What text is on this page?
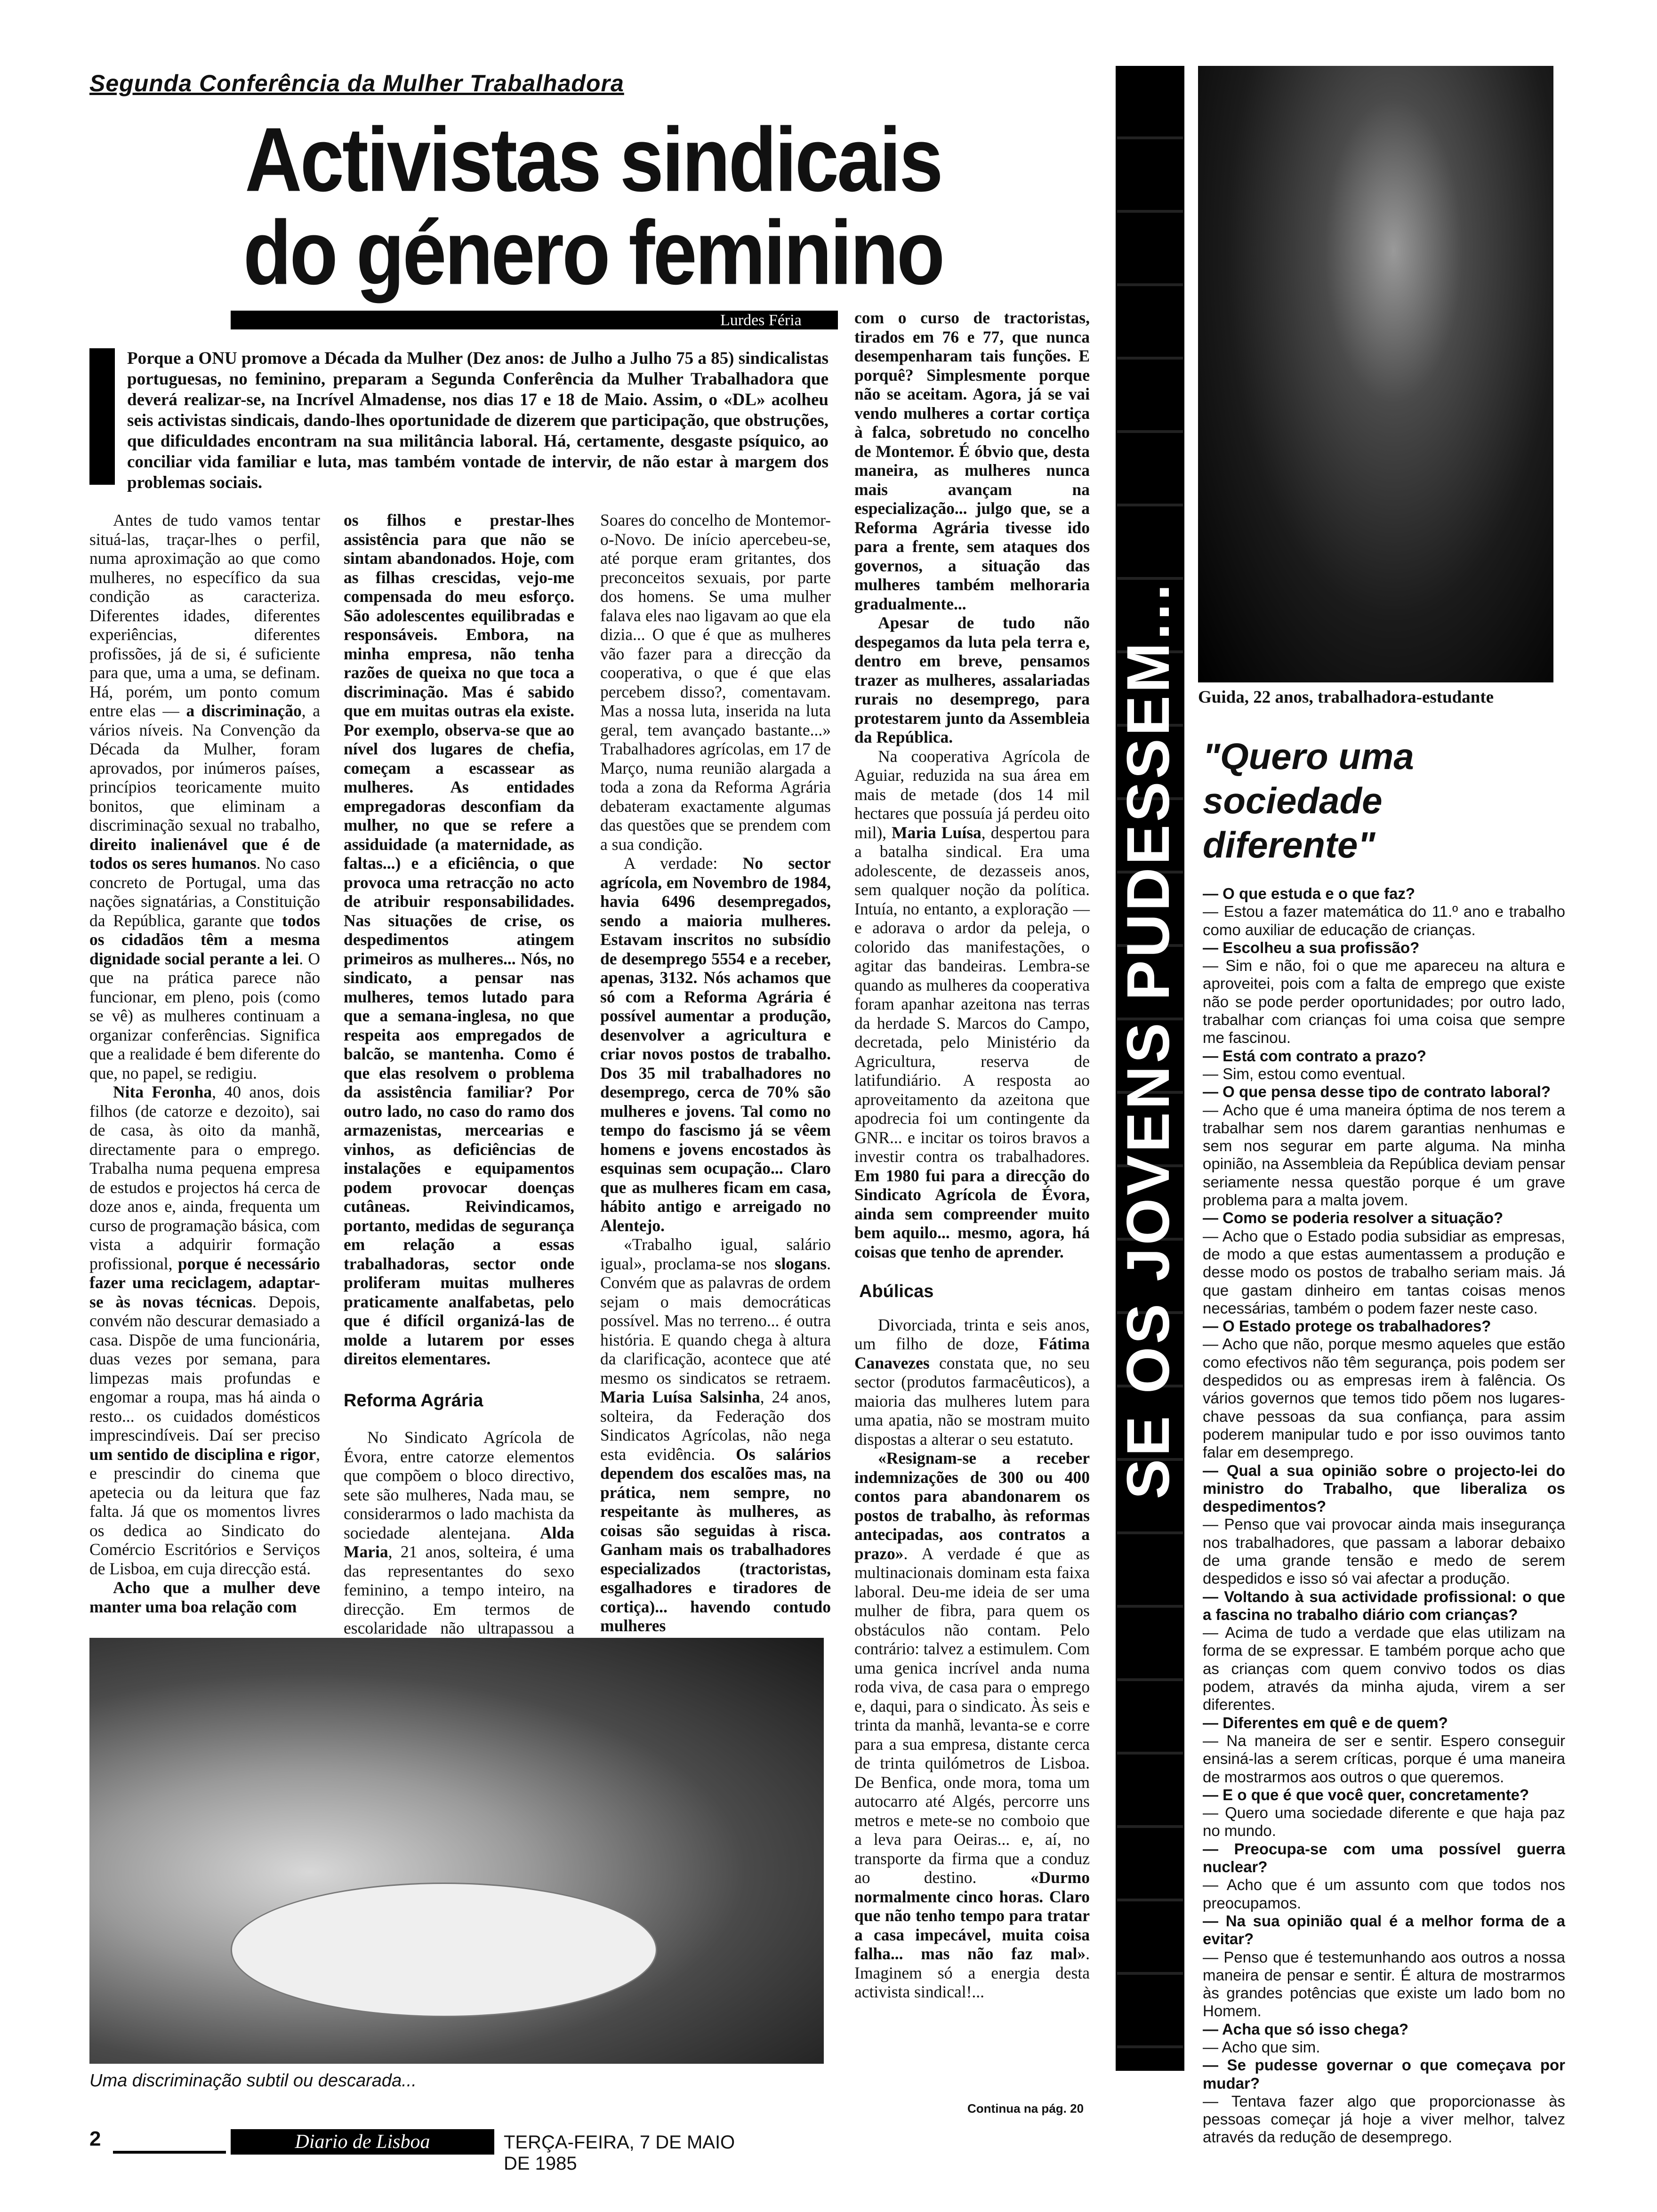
Segunda Conferência da Mulher Trabalhadora
Activistas sindicais
do género feminino
Lurdes Féria
Porque a ONU promove a Década da Mulher (Dez anos: de Julho a Julho 75 a 85) sindicalistas portuguesas, no feminino, preparam a Segunda Conferência da Mulher Trabalhadora que deverá realizar-se, na Incrível Almadense, nos dias 17 e 18 de Maio. Assim, o «DL» acolheu seis activistas sindicais, dando-lhes oportunidade de dizerem que participação, que obstruções, que dificuldades encontram na sua militância laboral. Há, certamente, desgaste psíquico, ao conciliar vida familiar e luta, mas também vontade de intervir, de não estar à margem dos problemas sociais.

Antes de tudo vamos tentar situá-las, traçar-lhes o perfil, numa aproximação ao que como mulheres, no específico da sua condição as caracteriza. Diferentes idades, diferentes experiências, diferentes profissões, já de si, é suficiente para que, uma a uma, se definam. Há, porém, um ponto comum entre elas — a discriminação, a vários níveis. Na Convenção da Década da Mulher, foram aprovados, por inúmeros países, princípios teoricamente muito bonitos, que eliminam a discriminação sexual no trabalho, direito inalienável que é de todos os seres humanos. No caso concreto de Portugal, uma das nações signatárias, a Constituição da República, garante que todos os cidadãos têm a mesma dignidade social perante a lei. O que na prática parece não funcionar, em pleno, pois (como se vê) as mulheres continuam a organizar conferências. Significa que a realidade é bem diferente do que, no papel, se redigiu.

Nita Feronha, 40 anos, dois filhos (de catorze e dezoito), sai de casa, às oito da manhã, directamente para o emprego. Trabalha numa pequena empresa de estudos e projectos há cerca de doze anos e, ainda, frequenta um curso de programação básica, com vista a adquirir formação profissional, porque é necessário fazer uma reciclagem, adaptar-se às novas técnicas. Depois, convém não descurar demasiado a casa. Dispõe de uma funcionária, duas vezes por semana, para limpezas mais profundas e engomar a roupa, mas há ainda o resto... os cuidados domésticos imprescindíveis. Daí ser preciso um sentido de disciplina e rigor, e prescindir do cinema que apetecia ou da leitura que faz falta. Já que os momentos livres os dedica ao Sindicato do Comércio Escritórios e Serviços de Lisboa, em cuja direcção está.

Acho que a mulher deve manter uma boa relação com

os filhos e prestar-lhes assistência para que não se sintam abandonados. Hoje, com as filhas crescidas, vejo-me compensada do meu esforço. São adolescentes equilibradas e responsáveis. Embora, na minha empresa, não tenha razões de queixa no que toca a discriminação. Mas é sabido que em muitas outras ela existe. Por exemplo, observa-se que ao nível dos lugares de chefia, começam a escassear as mulheres. As entidades empregadoras desconfiam da mulher, no que se refere a assiduidade (a maternidade, as faltas...) e a eficiência, o que provoca uma retracção no acto de atribuir responsabilidades. Nas situações de crise, os despedimentos atingem primeiros as mulheres... Nós, no sindicato, a pensar nas mulheres, temos lutado para que a semana-inglesa, no que respeita aos empregados de balcão, se mantenha. Como é que elas resolvem o problema da assistência familiar? Por outro lado, no caso do ramo dos armazenistas, mercearias e vinhos, as deficiências de instalações e equipamentos podem provocar doenças cutâneas. Reivindicamos, portanto, medidas de segurança em relação a essas trabalhadoras, sector onde proliferam muitas mulheres praticamente analfabetas, pelo que é difícil organizá-las de molde a lutarem por esses direitos elementares.

Reforma Agrária

No Sindicato Agrícola de Évora, entre catorze elementos que compõem o bloco directivo, sete são mulheres, Nada mau, se considerarmos o lado machista da sociedade alentejana. Alda Maria, 21 anos, solteira, é uma das representantes do sexo feminino, a tempo inteiro, na direcção. Em termos de escolaridade não ultrapassou a

Soares do concelho de Montemor-o-Novo. De início apercebeu-se, até porque eram gritantes, dos preconceitos sexuais, por parte dos homens. Se uma mulher falava eles nao ligavam ao que ela dizia... O que é que as mulheres vão fazer para a direcção da cooperativa, o que é que elas percebem disso?, comentavam. Mas a nossa luta, inserida na luta geral, tem avançado bastante...» Trabalhadores agrícolas, em 17 de Março, numa reunião alargada a toda a zona da Reforma Agrária debateram exactamente algumas das questões que se prendem com a sua condição.

A verdade: No sector agrícola, em Novembro de 1984, havia 6496 desempregados, sendo a maioria mulheres. Estavam inscritos no subsídio de desemprego 5554 e a receber, apenas, 3132. Nós achamos que só com a Reforma Agrária é possível aumentar a produção, desenvolver a agricultura e criar novos postos de trabalho. Dos 35 mil trabalhadores no desemprego, cerca de 70% são mulheres e jovens. Tal como no tempo do fascismo já se vêem homens e jovens encostados às esquinas sem ocupação... Claro que as mulheres ficam em casa, hábito antigo e arreigado no Alentejo.

«Trabalho igual, salário igual», proclama-se nos slogans. Convém que as palavras de ordem sejam o mais democráticas possível. Mas no terreno... é outra história. E quando chega à altura da clarificação, acontece que até mesmo os sindicatos se retraem. Maria Luísa Salsinha, 24 anos, solteira, da Federação dos Sindicatos Agrícolas, não nega esta evidência. Os salários dependem dos escalões mas, na prática, nem sempre, no respeitante às mulheres, as coisas são seguidas à risca. Ganham mais os trabalhadores especializados (tractoristas, esgalhadores e tiradores de cortiça)... havendo contudo mulheres

com o curso de tractoristas, tirados em 76 e 77, que nunca desempenharam tais funções. E porquê? Simplesmente porque não se aceitam. Agora, já se vai vendo mulheres a cortar cortiça à falca, sobretudo no concelho de Montemor. É óbvio que, desta maneira, as mulheres nunca mais avançam na especialização... julgo que, se a Reforma Agrária tivesse ido para a frente, sem ataques dos governos, a situação das mulheres também melhoraria gradualmente...

Apesar de tudo não despegamos da luta pela terra e, dentro em breve, pensamos trazer as mulheres, assalariadas rurais no desemprego, para protestarem junto da Assembleia da República.

Na cooperativa Agrícola de Aguiar, reduzida na sua área em mais de metade (dos 14 mil hectares que possuía já perdeu oito mil), Maria Luísa, despertou para a batalha sindical. Era uma adolescente, de dezasseis anos, sem qualquer noção da política. Intuía, no entanto, a exploração — e adorava o ardor da peleja, o colorido das manifestações, o agitar das bandeiras. Lembra-se quando as mulheres da cooperativa foram apanhar azeitona nas terras da herdade S. Marcos do Campo, decretada, pelo Ministério da Agricultura, reserva de latifundiário. A resposta ao aproveitamento da azeitona que apodrecia foi um contingente da GNR... e incitar os toiros bravos a investir contra os trabalhadores. Em 1980 fui para a direcção do Sindicato Agrícola de Évora, ainda sem compreender muito bem aquilo... mesmo, agora, há coisas que tenho de aprender.

Abúlicas

Divorciada, trinta e seis anos, um filho de doze, Fátima Canavezes constata que, no seu sector (produtos farmacêuticos), a maioria das mulheres lutem para uma apatia, não se mostram muito dispostas a alterar o seu estatuto.

«Resignam-se a receber indemnizações de 300 ou 400 contos para abandonarem os postos de trabalho, às reformas antecipadas, aos contratos a prazo». A verdade é que as multinacionais dominam esta faixa laboral. Deu-me ideia de ser uma mulher de fibra, para quem os obstáculos não contam. Pelo contrário: talvez a estimulem. Com uma genica incrível anda numa roda viva, de casa para o emprego e, daqui, para o sindicato. Às seis e trinta da manhã, levanta-se e corre para a sua empresa, distante cerca de trinta quilómetros de Lisboa. De Benfica, onde mora, toma um autocarro até Algés, percorre uns metros e mete-se no comboio que a leva para Oeiras... e, aí, no transporte da firma que a conduz ao destino. «Durmo normalmente cinco horas. Claro que não tenho tempo para tratar a casa impecável, muita coisa falha... mas não faz mal». Imaginem só a energia desta activista sindical!...

Continua na pág. 20
Uma discriminação subtil ou descarada...
SE OS JOVENS PUDESSEM... Guida, 22 anos, trabalhadora-estudante
"Quero uma sociedade diferente"

— O que estuda e o que faz?

— Estou a fazer matemática do 11.º ano e trabalho como auxiliar de educação de crianças.

— Escolheu a sua profissão?

— Sim e não, foi o que me apareceu na altura e aproveitei, pois com a falta de emprego que existe não se pode perder oportunidades; por outro lado, trabalhar com crianças foi uma coisa que sempre me fascinou.

— Está com contrato a prazo?

— Sim, estou como eventual.

— O que pensa desse tipo de contrato laboral?

— Acho que é uma maneira óptima de nos terem a trabalhar sem nos darem garantias nenhumas e sem nos segurar em parte alguma. Na minha opinião, na Assembleia da República deviam pensar seriamente nessa questão porque é um grave problema para a malta jovem.

— Como se poderia resolver a situação?

— Acho que o Estado podia subsidiar as empresas, de modo a que estas aumentassem a produção e desse modo os postos de trabalho seriam mais. Já que gastam dinheiro em tantas coisas menos necessárias, também o podem fazer neste caso.

— O Estado protege os trabalhadores?

— Acho que não, porque mesmo aqueles que estão como efectivos não têm segurança, pois podem ser despedidos ou as empresas irem à falência. Os vários governos que temos tido põem nos lugares-chave pessoas da sua confiança, para assim poderem manipular tudo e por isso ouvimos tanto falar em desemprego.

— Qual a sua opinião sobre o projecto-lei do ministro do Trabalho, que liberaliza os despedimentos?

— Penso que vai provocar ainda mais insegurança nos trabalhadores, que passam a laborar debaixo de uma grande tensão e medo de serem despedidos e isso só vai afectar a produção.

— Voltando à sua actividade profissional: o que a fascina no trabalho diário com crianças?

— Acima de tudo a verdade que elas utilizam na forma de se expressar. E também porque acho que as crianças com quem convivo todos os dias podem, através da minha ajuda, virem a ser diferentes.

— Diferentes em quê e de quem?

— Na maneira de ser e sentir. Espero conseguir ensiná-las a serem críticas, porque é uma maneira de mostrarmos aos outros o que queremos.

— E o que é que você quer, concretamente?

— Quero uma sociedade diferente e que haja paz no mundo.

— Preocupa-se com uma possível guerra nuclear?

— Acho que é um assunto com que todos nos preocupamos.

— Na sua opinião qual é a melhor forma de a evitar?

— Penso que é testemunhando aos outros a nossa maneira de pensar e sentir. É altura de mostrarmos às grandes potências que existe um lado bom no Homem.

— Acha que só isso chega?

— Acho que sim.

— Se pudesse governar o que começava por mudar?

— Tentava fazer algo que proporcionasse às pessoas começar já hoje a viver melhor, talvez através da redução de desemprego.

2	Diario de Lisboa	TERÇA-FEIRA, 7 DE MAIO DE 1985
